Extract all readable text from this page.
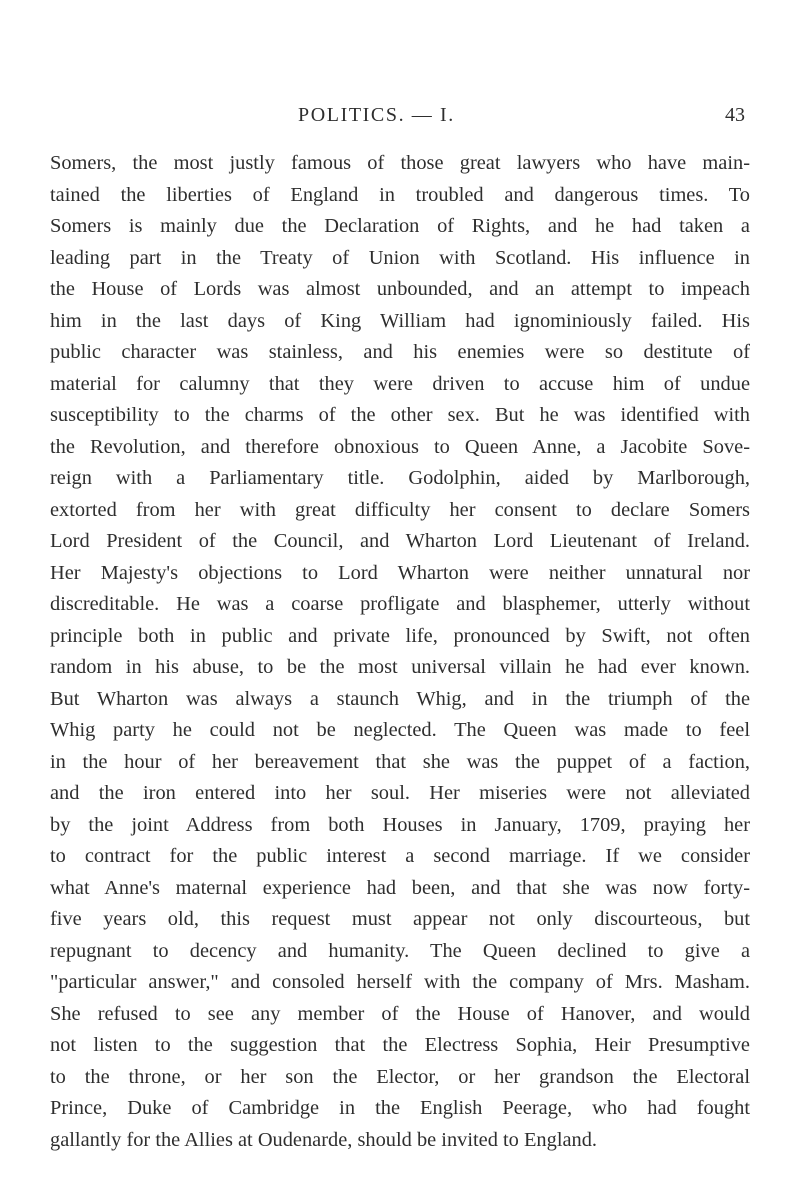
POLITICS. — I.	43
Somers, the most justly famous of those great lawyers who have main-
tained the liberties of England in troubled and dangerous times. To
Somers is mainly due the Declaration of Rights, and he had taken a
leading part in the Treaty of Union with Scotland. His influence in
the House of Lords was almost unbounded, and an attempt to impeach
him in the last days of King William had ignominiously failed. His
public character was stainless, and his enemies were so destitute of
material for calumny that they were driven to accuse him of undue
susceptibility to the charms of the other sex. But he was identified with
the Revolution, and therefore obnoxious to Queen Anne, a Jacobite Sove-
reign with a Parliamentary title. Godolphin, aided by Marlborough,
extorted from her with great difficulty her consent to declare Somers
Lord President of the Council, and Wharton Lord Lieutenant of Ireland.
Her Majesty's objections to Lord Wharton were neither unnatural nor
discreditable. He was a coarse profligate and blasphemer, utterly without
principle both in public and private life, pronounced by Swift, not often
random in his abuse, to be the most universal villain he had ever known.
But Wharton was always a staunch Whig, and in the triumph of the
Whig party he could not be neglected. The Queen was made to feel
in the hour of her bereavement that she was the puppet of a faction,
and the iron entered into her soul. Her miseries were not alleviated
by the joint Address from both Houses in January, 1709, praying her
to contract for the public interest a second marriage. If we consider
what Anne's maternal experience had been, and that she was now forty-
five years old, this request must appear not only discourteous, but
repugnant to decency and humanity. The Queen declined to give a
"particular answer," and consoled herself with the company of Mrs. Masham.
She refused to see any member of the House of Hanover, and would
not listen to the suggestion that the Electress Sophia, Heir Presumptive
to the throne, or her son the Elector, or her grandson the Electoral
Prince, Duke of Cambridge in the English Peerage, who had fought
gallantly for the Allies at Oudenarde, should be invited to England.
